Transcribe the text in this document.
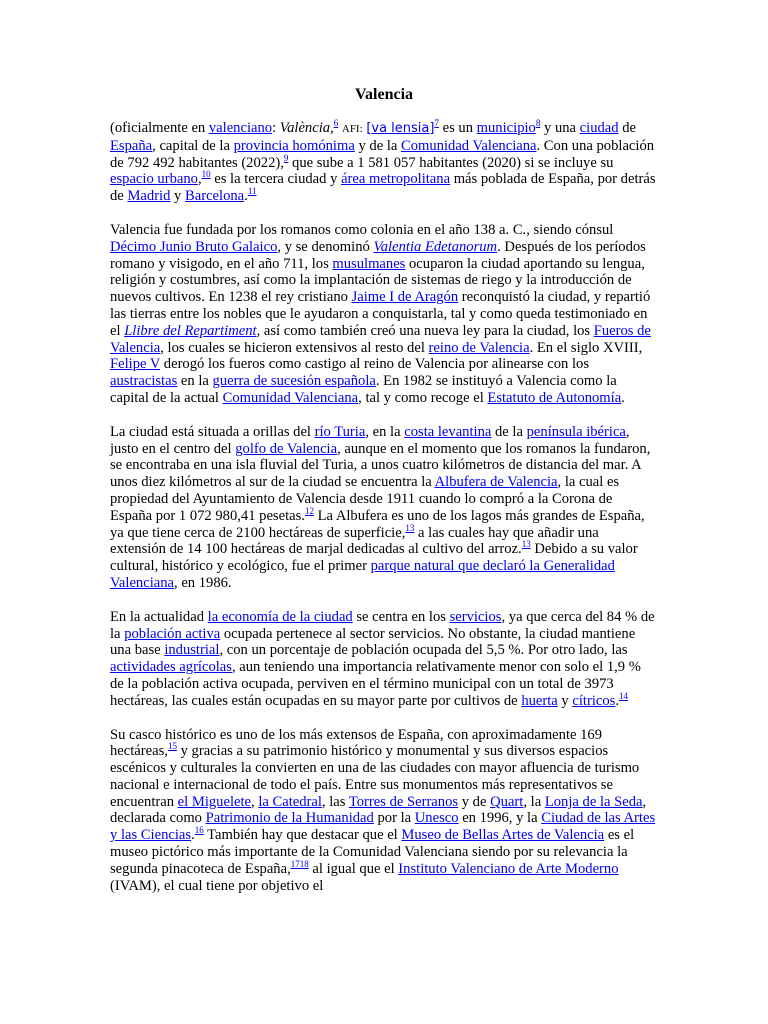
Valencia

(oficialmente en valenciano: València,$^6$ AFI: [va lensia]$^7$ es un municipio$^8$ y una ciudad de España, capital de la provincia homónima y de la Comunidad Valenciana. Con una población de 792 492 habitantes (2022),$^9$ que sube a 1 581 057 habitantes (2020) si se incluye su espacio urbano,$^{10}$ es la tercera ciudad y área metropolitana más poblada de España, por detrás de Madrid y Barcelona.$^{11}$

Valencia fue fundada por los romanos como colonia en el año 138 a. C., siendo cónsul Décimo Junio Bruto Galaico, y se denominó Valentia Edetanorum. Después de los períodos romano y visigodo, en el año 711, los musulmanes ocuparon la ciudad aportando su lengua, religión y costumbres, así como la implantación de sistemas de riego y la introducción de nuevos cultivos. En 1238 el rey cristiano Jaime I de Aragón reconquistó la ciudad, y repartió las tierras entre los nobles que le ayudaron a conquistarla, tal y como queda testimoniado en el Llibre del Repartiment, así como también creó una nueva ley para la ciudad, los Fueros de Valencia, los cuales se hicieron extensivos al resto del reino de Valencia. En el siglo XVIII, Felipe V derogó los fueros como castigo al reino de Valencia por alinearse con los austracistas en la guerra de sucesión española. En 1982 se instituyó a Valencia como la capital de la actual Comunidad Valenciana, tal y como recoge el Estatuto de Autonomía.

La ciudad está situada a orillas del río Turia, en la costa levantina de la península ibérica, justo en el centro del golfo de Valencia, aunque en el momento que los romanos la fundaron, se encontraba en una isla fluvial del Turia, a unos cuatro kilómetros de distancia del mar. A unos diez kilómetros al sur de la ciudad se encuentra la Albufera de Valencia, la cual es propiedad del Ayuntamiento de Valencia desde 1911 cuando lo compró a la Corona de España por 1 072 980,41 pesetas.$^{12}$ La Albufera es uno de los lagos más grandes de España, ya que tiene cerca de 2100 hectáreas de superficie,$^{13}$ a las cuales hay que añadir una extensión de 14 100 hectáreas de marjal dedicadas al cultivo del arroz.$^{13}$ Debido a su valor cultural, histórico y ecológico, fue el primer parque natural que declaró la Generalidad Valenciana, en 1986.

En la actualidad la economía de la ciudad se centra en los servicios, ya que cerca del 84 % de la población activa ocupada pertenece al sector servicios. No obstante, la ciudad mantiene una base industrial, con un porcentaje de población ocupada del 5,5 %. Por otro lado, las actividades agrícolas, aun teniendo una importancia relativamente menor con solo el 1,9 % de la población activa ocupada, perviven en el término municipal con un total de 3973 hectáreas, las cuales están ocupadas en su mayor parte por cultivos de huerta y cítricos.$^{14}$

Su casco histórico es uno de los más extensos de España, con aproximadamente 169 hectáreas,$^{15}$ y gracias a su patrimonio histórico y monumental y sus diversos espacios escénicos y culturales la convierten en una de las ciudades con mayor afluencia de turismo nacional e internacional de todo el país. Entre sus monumentos más representativos se encuentran el Miguelete, la Catedral, las Torres de Serranos y de Quart, la Lonja de la Seda, declarada como Patrimonio de la Humanidad por la Unesco en 1996, y la Ciudad de las Artes y las Ciencias.$^{16}$ También hay que destacar que el Museo de Bellas Artes de Valencia es el museo pictórico más importante de la Comunidad Valenciana siendo por su relevancia la segunda pinacoteca de España,$^{1718}$ al igual que el Instituto Valenciano de Arte Moderno (IVAM), el cual tiene por objetivo el
